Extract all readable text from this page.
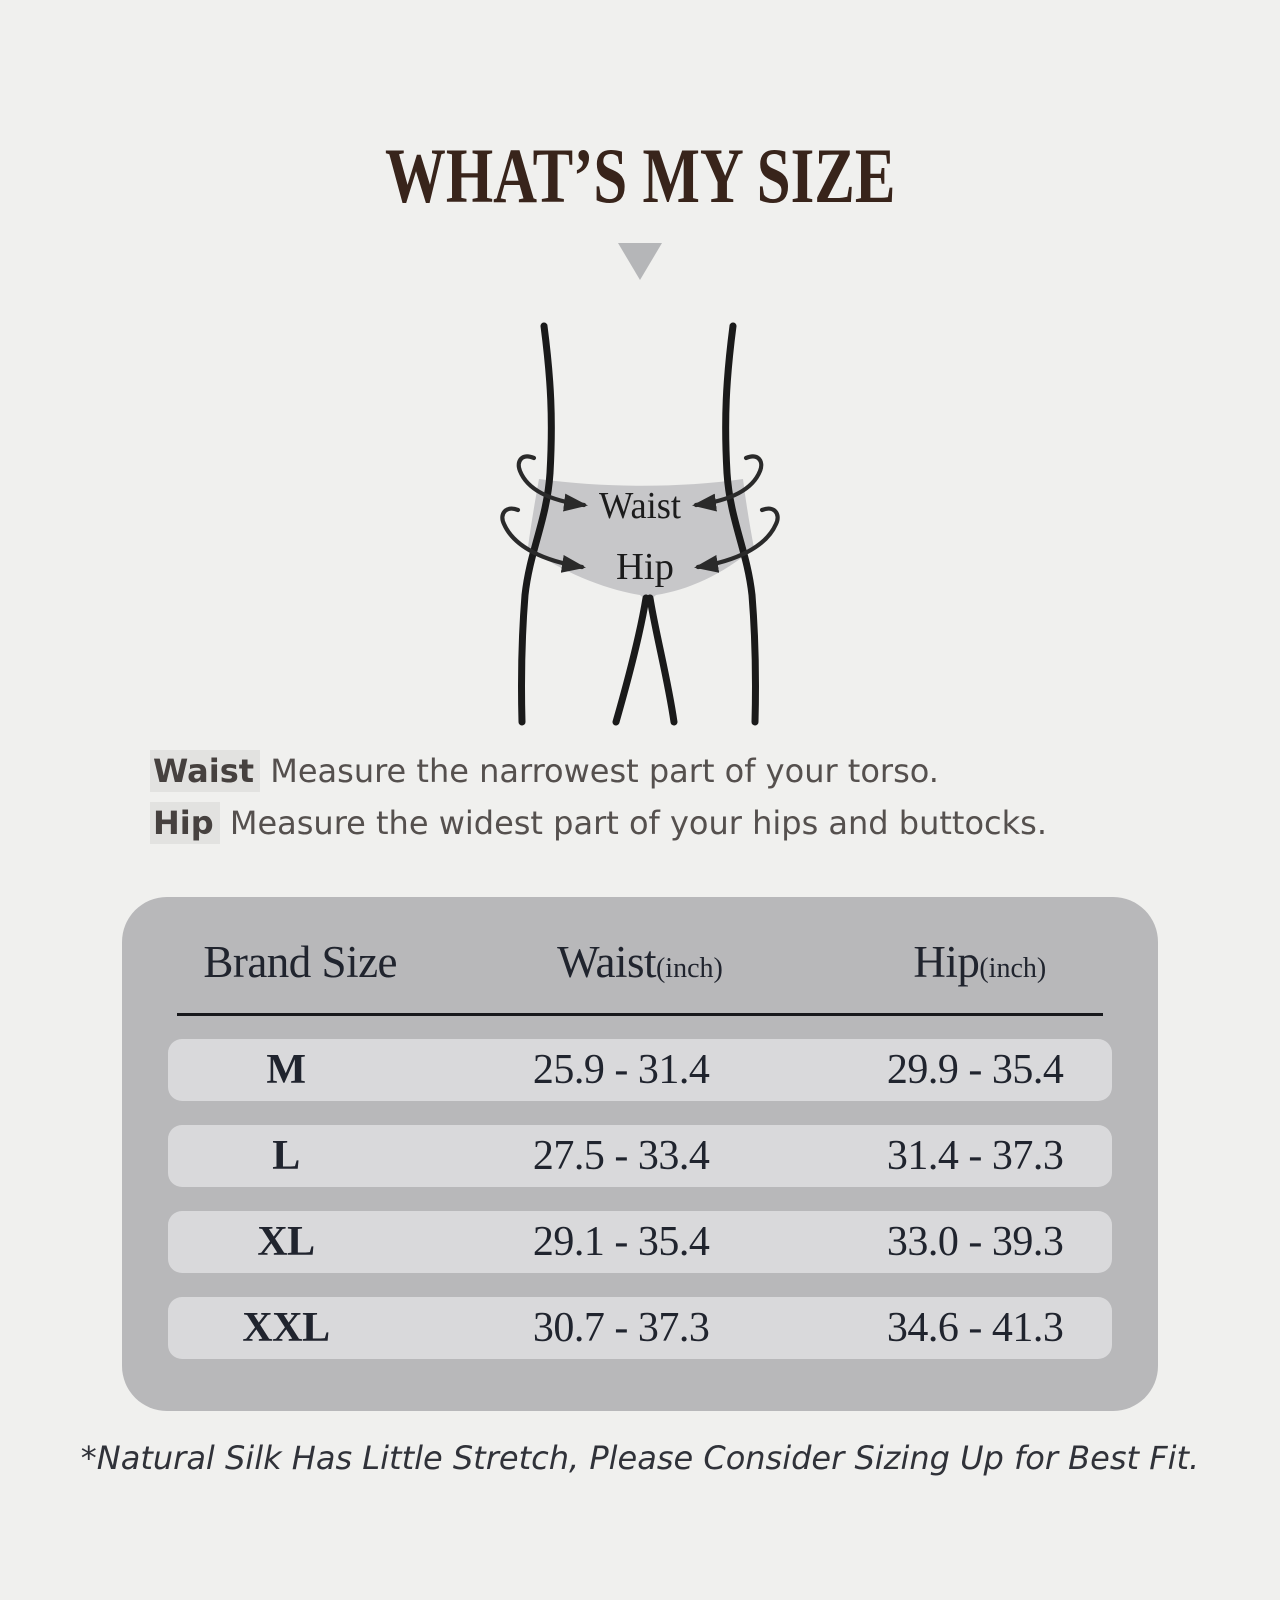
WHAT’S MY SIZE
Waist
Hip
Waist Measure the narrowest part of your torso.
Hip Measure the widest part of your hips and buttocks.
Brand Size	Waist(inch)	Hip(inch)
M	25.9 - 31.4	29.9 - 35.4
L	27.5 - 33.4	31.4 - 37.3
XL	29.1 - 35.4	33.0 - 39.3
XXL	30.7 - 37.3	34.6 - 41.3
*Natural Silk Has Little Stretch, Please Consider Sizing Up for Best Fit.
